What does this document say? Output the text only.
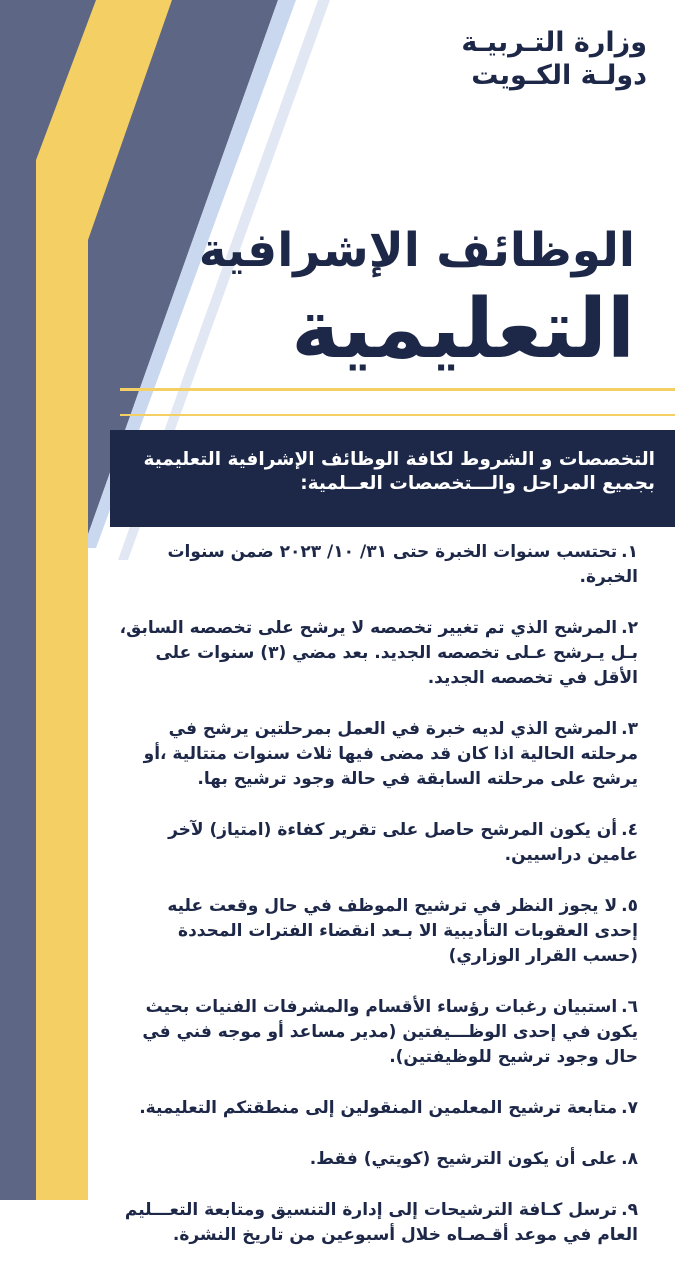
وزارة التـربيـة
دولـة الكـويت
الوظائف الإشرافية
التعليمية
التخصصات و الشروط لكافة الوظائف الإشرافية التعليمية
بجميع المراحل والـــتخصصات العــلمية:
١.تحتسب سنوات الخبرة حتى ٣١/ ١٠/ ٢٠٢٣ ضمن سنوات الخبرة.
٢.المرشح الذي تم تغيير تخصصه لا يرشح على تخصصه السابق، بـل يـرشح عـلى تخصصه الجديد. بعد مضي (٣) سنوات على الأقل في تخصصه الجديد.
٣.المرشح الذي لديه خبرة في العمل بمرحلتين يرشح في مرحلته الحالية اذا كان قد مضى فيها ثلاث سنوات متتالية ،أو يرشح على مرحلته السابقة في حالة وجود ترشيح بها.
٤.أن يكون المرشح حاصل على تقرير كفاءة (امتياز) لآخر عامين دراسيين.
٥.لا يجوز النظر في ترشيح الموظف في حال وقعت عليه إحدى العقوبات التأديبية الا بـعد انقضاء الفترات المحددة (حسب القرار الوزاري)
٦.استبيان رغبات رؤساء الأقسام والمشرفات الفنيات بحيث يكون في إحدى الوظـــيفتين (مدير مساعد أو موجه فني في حال وجود ترشيح للوظيفتين).
٧.متابعة ترشيح المعلمين المنقولين إلى منطقتكم التعليمية.
٨.على أن يكون الترشيح (كويتي) فقط.
٩.ترسل كـافة الترشيحات إلى إدارة التنسيق ومتابعة التعـــليم العام في موعد أقـصـاه خلال أسبوعين من تاريخ النشرة.
